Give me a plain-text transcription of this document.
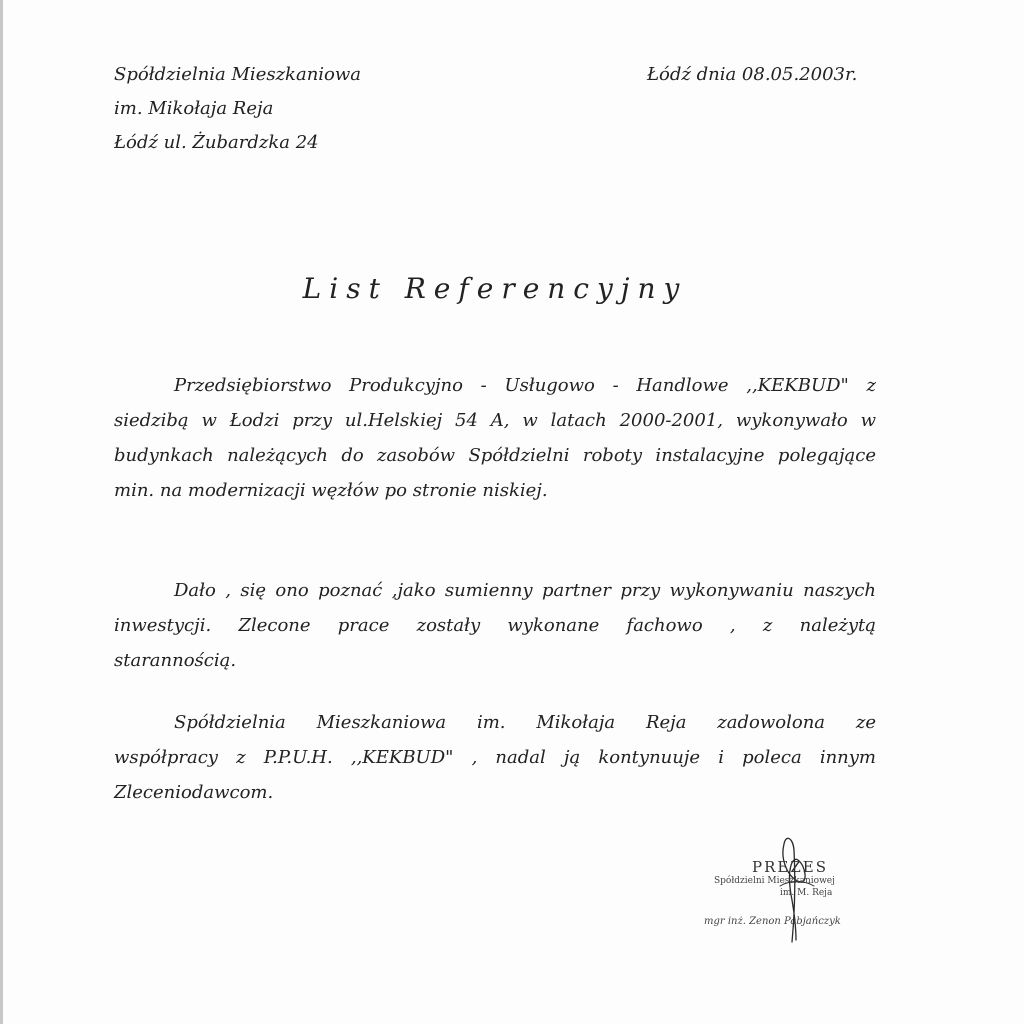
Spółdzielnia Mieszkaniowa
im. Mikołaja Reja
Łódź ul. Żubardzka 24
Łódź dnia 08.05.2003r.
List Referencyjny
Przedsiębiorstwo Produkcyjno - Usługowo - Handlowe ,,KEKBUD" z
siedzibą w Łodzi przy ul.Helskiej 54 A, w latach 2000-2001, wykonywało w
budynkach należących do zasobów Spółdzielni roboty instalacyjne polegające
min. na modernizacji węzłów po stronie niskiej.
Dało , się ono poznać ,jako sumienny partner przy wykonywaniu naszych
inwestycji. Zlecone prace zostały wykonane fachowo , z należytą
starannością.
Spółdzielnia Mieszkaniowa im. Mikołaja Reja zadowolona ze
współpracy z P.P.U.H. ,,KEKBUD" , nadal ją kontynuuje i poleca innym
Zleceniodawcom.
PREZES
Spółdzielni Mieszkaniowej
im. M. Reja
mgr inż. Zenon Pabjańczyk
